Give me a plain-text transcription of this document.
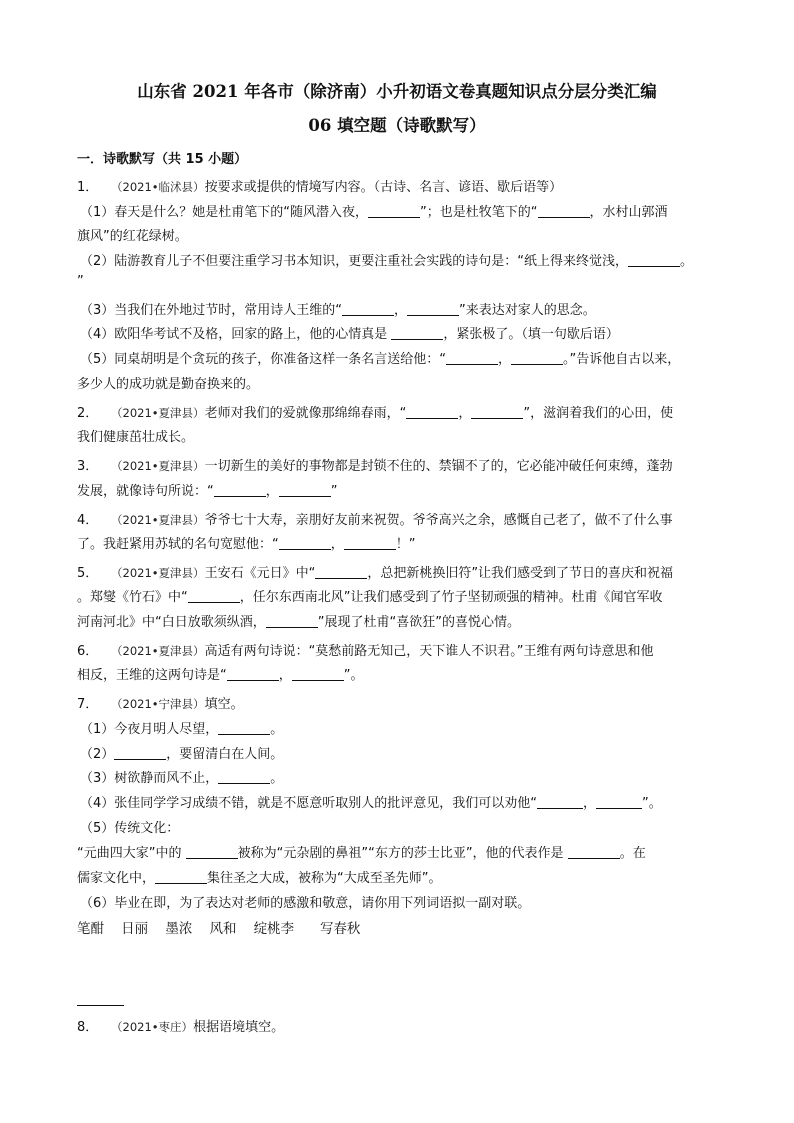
山东省 2021 年各市（除济南）小升初语文卷真题知识点分层分类汇编
06 填空题（诗歌默写）
一．诗歌默写（共 15 小题）
1． （2021•临沭县）按要求或提供的情境写内容。（古诗、名言、谚语、歇后语等）
（1）春天是什么？她是杜甫笔下的“随风潜入夜，	”；也是杜牧笔下的“	，水村山郭酒
旗风”的红花绿树。
（2）陆游教育儿子不但要注重学习书本知识，更要注重社会实践的诗句是：“纸上得来终觉浅，	。
”
（3）当我们在外地过节时，常用诗人王维的“	，	”来表达对家人的思念。
（4）欧阳华考试不及格，回家的路上，他的心情真是	，紧张极了。（填一句歇后语）
（5）同桌胡明是个贪玩的孩子，你准备这样一条名言送给他：“	，	。”告诉他自古以来，
多少人的成功就是勤奋换来的。
2． （2021•夏津县）老师对我们的爱就像那绵绵春雨，“	，	”，滋润着我们的心田，使
我们健康茁壮成长。
3． （2021•夏津县）一切新生的美好的事物都是封锁不住的、禁锢不了的，它必能冲破任何束缚，蓬勃
发展，就像诗句所说：“	，	”
4． （2021•夏津县）爷爷七十大寿，亲朋好友前来祝贺。爷爷高兴之余，感慨自己老了，做不了什么事
了。我赶紧用苏轼的名句宽慰他：“	，	！”
5． （2021•夏津县）王安石《元日》中“	，总把新桃换旧符”让我们感受到了节日的喜庆和祝福
。郑燮《竹石》中“	，任尔东西南北风”让我们感受到了竹子坚韧顽强的精神。杜甫《闻官军收
河南河北》中“白日放歌须纵酒，	”展现了杜甫“喜欲狂”的喜悦心情。
6． （2021•夏津县）高适有两句诗说：“莫愁前路无知己，天下谁人不识君。”王维有两句诗意思和他
相反，王维的这两句诗是“	，	”。
7． （2021•宁津县）填空。
（1）今夜月明人尽望，	。
（2）	，要留清白在人间。
（3）树欲静而风不止，	。
（4）张佳同学学习成绩不错，就是不愿意听取别人的批评意见，我们可以劝他“	，	”。
（5）传统文化：
“元曲四大家”中的	被称为“元杂剧的鼻祖”“东方的莎士比亚”，他的代表作是	。在
儒家文化中，	集往圣之大成，被称为“大成至圣先师”。
（6）毕业在即，为了表达对老师的感激和敬意，请你用下列词语拟一副对联。
笔酣 日丽 墨浓 风和 绽桃李 写春秋
8． （2021•枣庄）根据语境填空。
